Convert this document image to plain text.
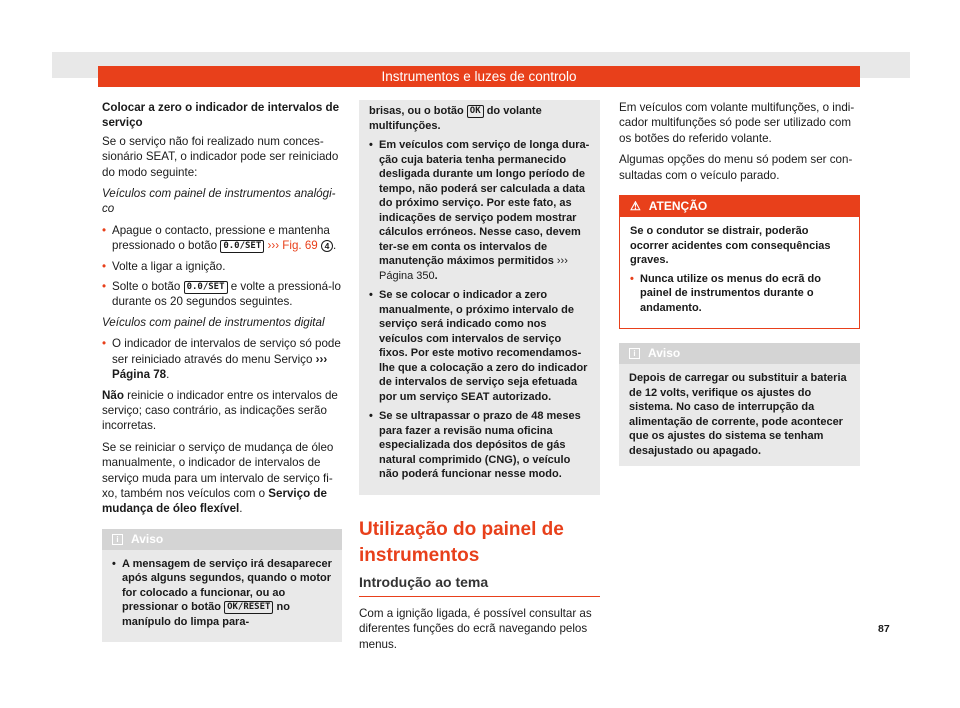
Instrumentos e luzes de controlo

Colocar a zero o indicador de intervalos de serviço

Se o serviço não foi realizado num concessionário SEAT, o indicador pode ser reiniciado do modo seguinte:

Veículos com painel de instrumentos analógico

• Apague o contacto, pressione e mantenha pressionado o botão 0.0/SET ››› Fig. 69 4 .
• Volte a ligar a ignição.
• Solte o botão 0.0/SET e volte a pressioná-lo durante os 20 segundos seguintes.

Veículos com painel de instrumentos digital

• O indicador de intervalos de serviço só pode ser reiniciado através do menu Serviço ››› Página 78.

Não reinicie o indicador entre os intervalos de serviço; caso contrário, as indicações serão incorretas.

Se se reiniciar o serviço de mudança de óleo manualmente, o indicador de intervalos de serviço muda para um intervalo de serviço fixo, também nos veículos com o Serviço de mudança de óleo flexível.

i Aviso
• A mensagem de serviço irá desaparecer após alguns segundos, quando o motor for colocado a funcionar, ou ao pressionar o botão OK/RESET no manípulo do limpa para-

brisas, ou o botão OK do volante multifunções.

• Em veículos com serviço de longa duração cuja bateria tenha permanecido desligada durante um longo período de tempo, não poderá ser calculada a data do próximo serviço. Por este fato, as indicações de serviço podem mostrar cálculos erróneos. Nesse caso, devem ter-se em conta os intervalos de manutenção máximos permitidos ››› Página 350.
• Se se colocar o indicador a zero manualmente, o próximo intervalo de serviço será indicado como nos veículos com intervalos de serviço fixos. Por este motivo recomendamos-lhe que a colocação a zero do indicador de intervalos de serviço seja efetuada por um serviço SEAT autorizado.
• Se se ultrapassar o prazo de 48 meses para fazer a revisão numa oficina especializada dos depósitos de gás natural comprimido (CNG), o veículo não poderá funcionar nesse modo.
Utilização do painel de instrumentos
Introdução ao tema

Com a ignição ligada, é possível consultar as diferentes funções do ecrã navegando pelos menus.

Em veículos com volante multifunções, o indicador multifunções só pode ser utilizado com os botões do referido volante.

Algumas opções do menu só podem ser consultadas com o veículo parado.

⚠ ATENÇÃO

Se o condutor se distrair, poderão ocorrer acidentes com consequências graves.

• Nunca utilize os menus do ecrã do painel de instrumentos durante o andamento.
i Aviso
Depois de carregar ou substituir a bateria de 12 volts, verifique os ajustes do sistema. No caso de interrupção da alimentação de corrente, pode acontecer que os ajustes do sistema se tenham desajustado ou apagado.
87
